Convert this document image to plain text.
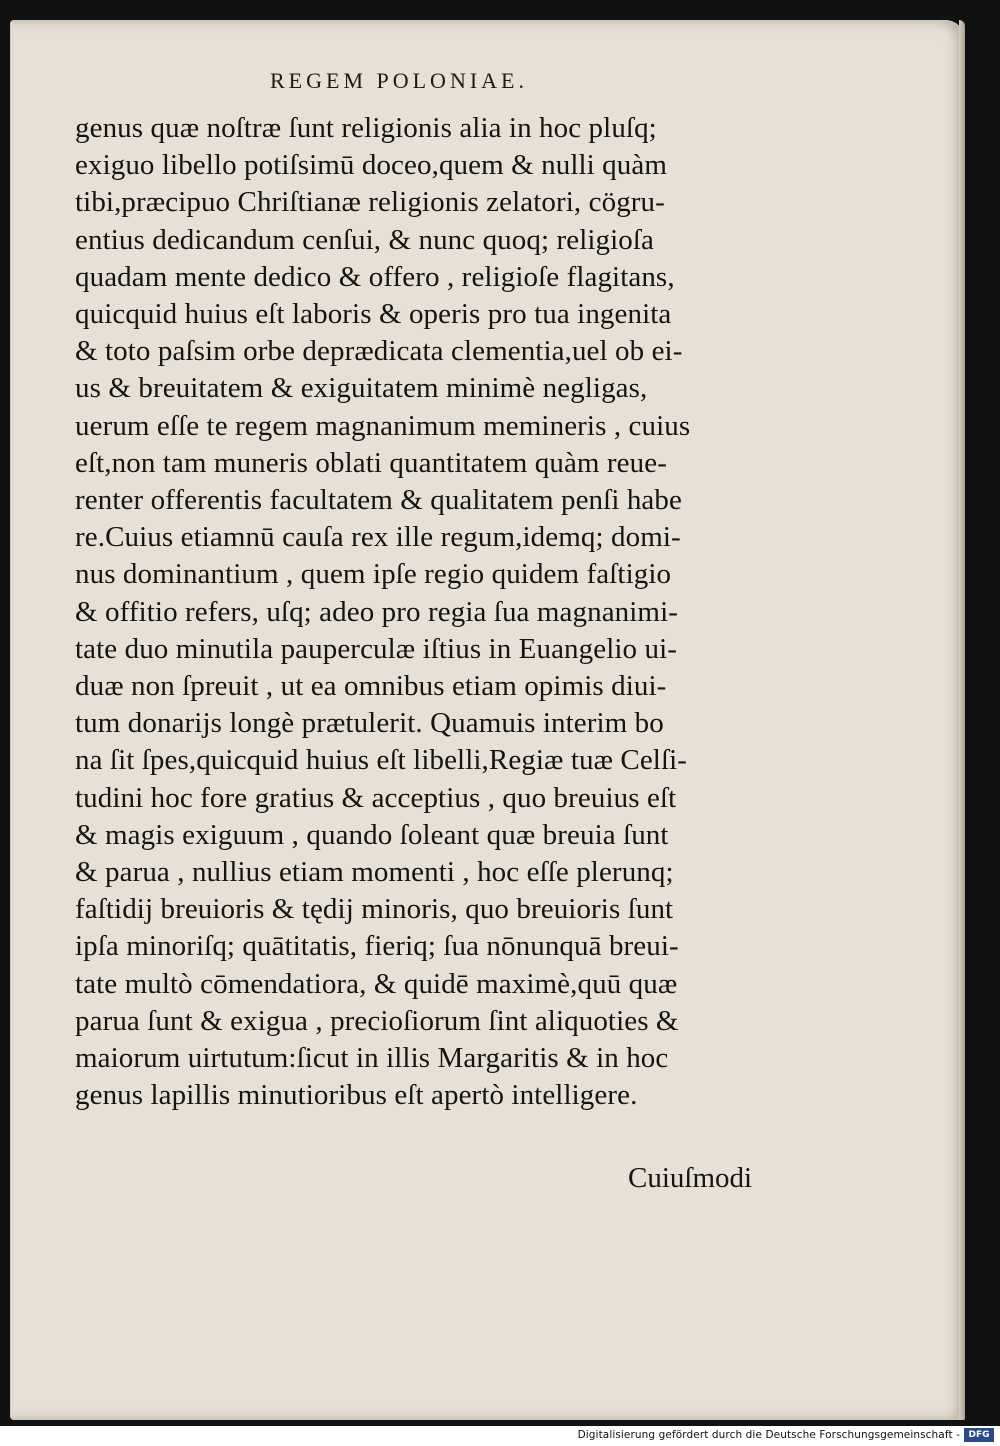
REGEM POLONIAE.
genus quæ noſtræ ſunt religionis alia in hoc pluſq;
exiguo libello potiſsimū doceo,quem & nulli quàm
tibi,præcipuo Chriſtianæ religionis zelatori, cögru-
entius dedicandum cenſui, & nunc quoq; religioſa
quadam mente dedico & offero , religioſe flagitans,
quicquid huius eſt laboris & operis pro tua ingenita
& toto paſsim orbe deprædicata clementia,uel ob ei-
us & breuitatem & exiguitatem minimè negligas,
uerum eſſe te regem magnanimum memineris , cuius
eſt,non tam muneris oblati quantitatem quàm reue-
renter offerentis facultatem & qualitatem penſi habe
re.Cuius etiamnū cauſa rex ille regum,idemq; domi-
nus dominantium , quem ipſe regio quidem faſtigio
& offitio refers, uſq; adeo pro regia ſua magnanimi-
tate duo minutila pauperculæ iſtius in Euangelio ui-
duæ non ſpreuit , ut ea omnibus etiam opimis diui-
tum donarijs longè prætulerit. Quamuis interim bo
na ſit ſpes,quicquid huius eſt libelli,Regiæ tuæ Celſi-
tudini hoc fore gratius & acceptius , quo breuius eſt
& magis exiguum , quando ſoleant quæ breuia ſunt
& parua , nullius etiam momenti , hoc eſſe plerunq;
faſtidij breuioris & tędij minoris, quo breuioris ſunt
ipſa minoriſq; quātitatis, fieriq; ſua nōnunquā breui-
tate multò cōmendatiora, & quidē maximè,quū quæ
parua ſunt & exigua , precioſiorum ſint aliquoties &
maiorum uirtutum:ſicut in illis Margaritis & in hoc
genus lapillis minutioribus eſt apertò intelligere.
Cuiuſmodi
Digitalisierung gefördert durch die Deutsche Forschungsgemeinschaft - DFG
